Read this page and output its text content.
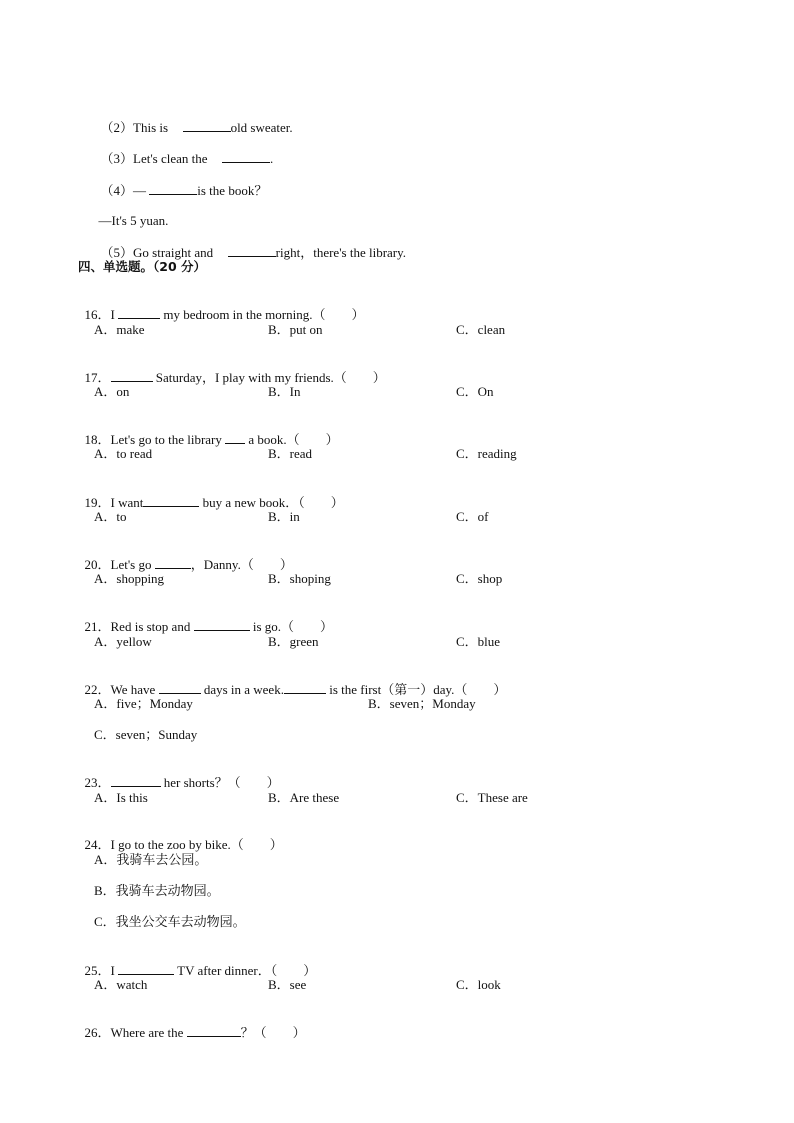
（2）This is	old sweater.

（3）Let's clean the	.

（4）—	is the book？

—It's 5 yuan.

（5）Go straight and	right，there's the library.

四、单选题。（20 分）

16．I	my bedroom in the morning.（　　）

A．make	B．put on	C．clean

17．	Saturday，I play with my friends.（　　）

A．on	B．In	C．On

18．Let's go to the library  a book.（　　）

A．to read	B．read	C．reading

19．I want	buy a new book．（　　）

A．to	B．in	C．of

20．Let's go	，Danny.（　　）

A．shopping	B．shoping	C．shop

21．Red is stop and	is go.（　　）

A．yellow	B．green	C．blue

22．We have	days in a week.	is the first（第一）day.（　　）

A．five；Monday	B．seven；Monday
C．seven；Sunday

23．	her shorts？（　　）

A．Is this	B．Are these	C．These are

24．I go to the zoo by bike.（　　）

A．我骑车去公园。
B．我骑车去动物园。
C．我坐公交车去动物园。

25．I	TV after dinner．（　　）

A．watch	B．see	C．look

26．Where are the	？（　　）
